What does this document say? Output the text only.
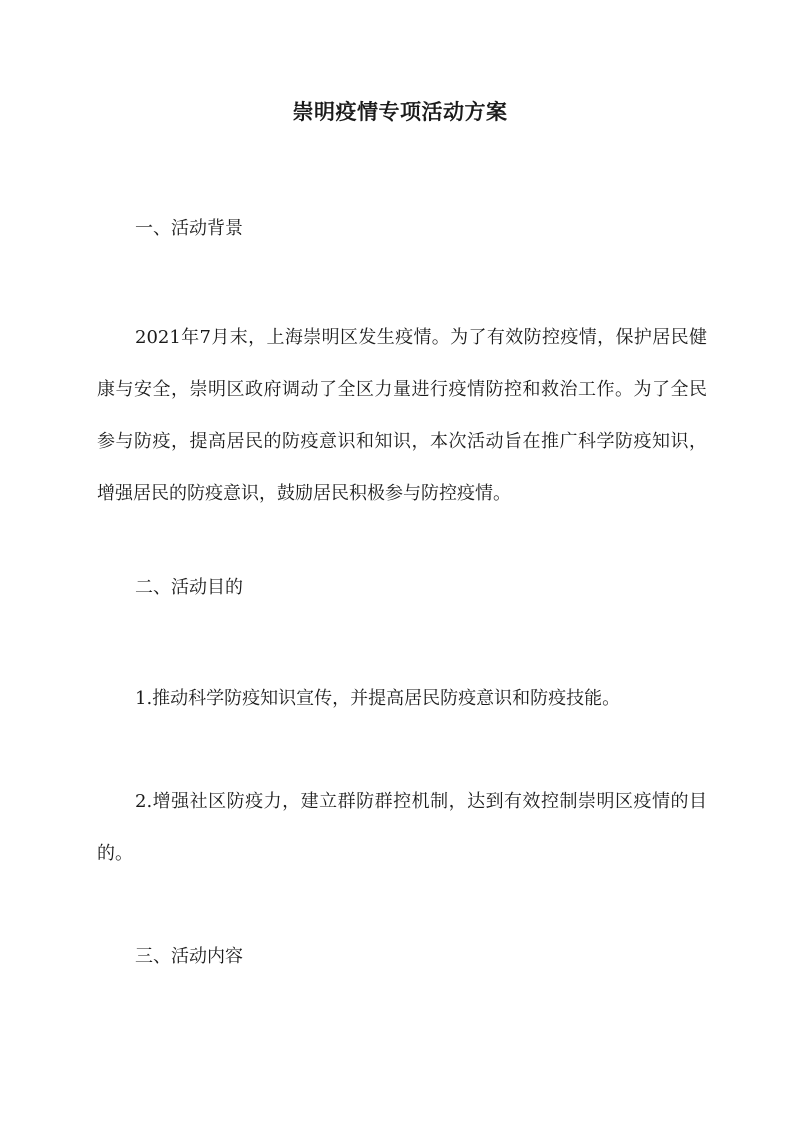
崇明疫情专项活动方案
一、活动背景

2021年7月末，上海崇明区发生疫情。为了有效防控疫情，保护居民健康与安全，崇明区政府调动了全区力量进行疫情防控和救治工作。为了全民参与防疫，提高居民的防疫意识和知识，本次活动旨在推广科学防疫知识，增强居民的防疫意识，鼓励居民积极参与防控疫情。

二、活动目的

1.推动科学防疫知识宣传，并提高居民防疫意识和防疫技能。

2.增强社区防疫力，建立群防群控机制，达到有效控制崇明区疫情的目的。

三、活动内容
